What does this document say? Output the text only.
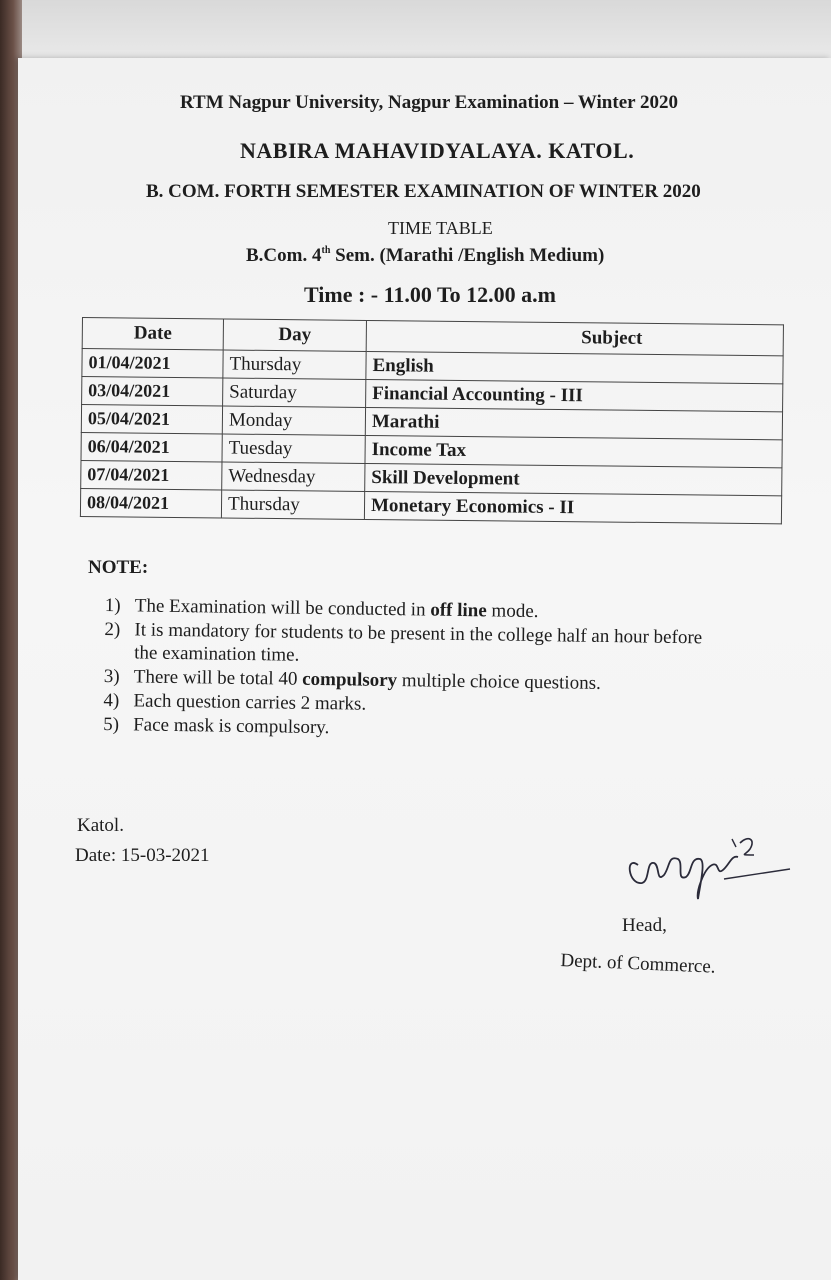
RTM Nagpur University, Nagpur Examination – Winter 2020
NABIRA MAHAVIDYALAYA. KATOL.
B. COM. FORTH SEMESTER EXAMINATION OF WINTER 2020
TIME TABLE
B.Com. 4th Sem. (Marathi /English Medium)
Time : - 11.00 To 12.00 a.m
Date	Day	Subject
01/04/2021	Thursday	English
03/04/2021	Saturday	Financial Accounting - III
05/04/2021	Monday	Marathi
06/04/2021	Tuesday	Income Tax
07/04/2021	Wednesday	Skill Development
08/04/2021	Thursday	Monetary Economics - II
NOTE:
1) The Examination will be conducted in off line mode.
2) It is mandatory for students to be present in the college half an hour before
the examination time.
3) There will be total 40 compulsory multiple choice questions.
4) Each question carries 2 marks.
5) Face mask is compulsory.
Katol.
Date: 15-03-2021
Head,
Dept. of Commerce.
